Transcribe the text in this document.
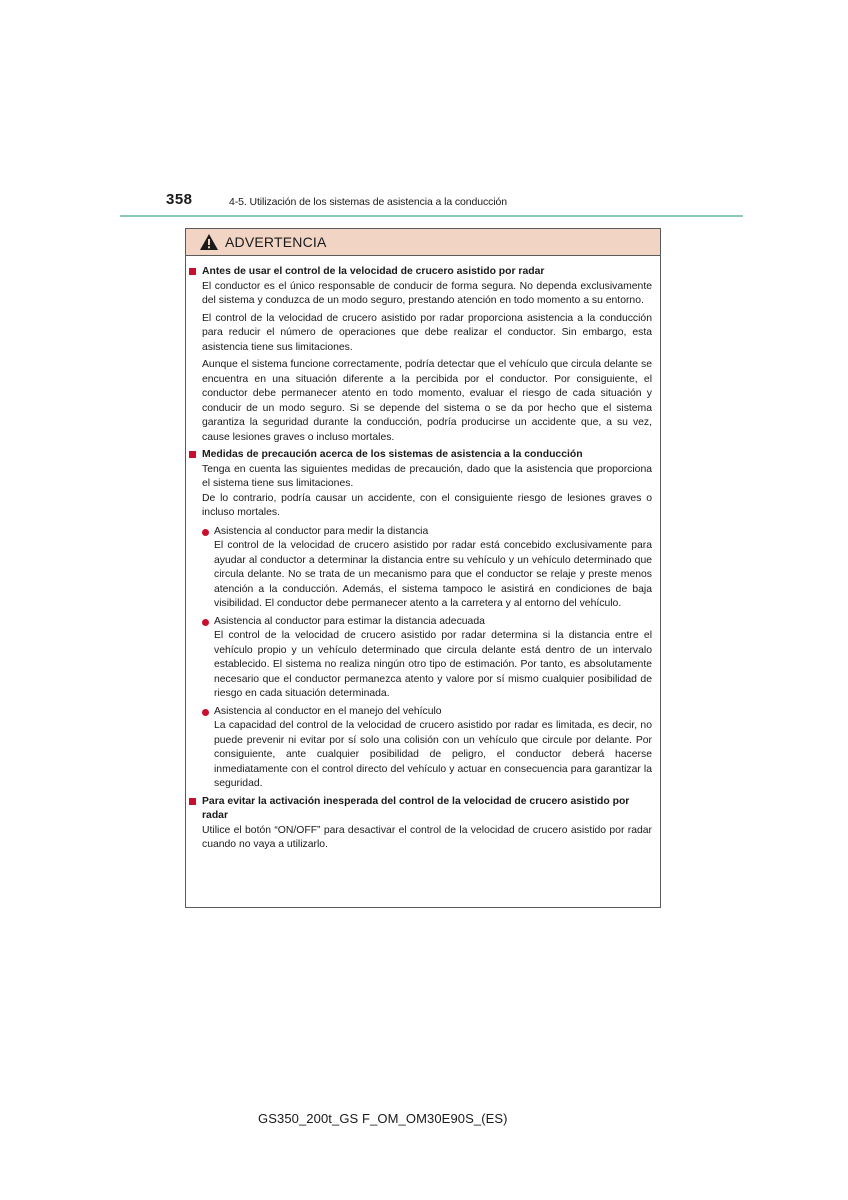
358	4-5. Utilización de los sistemas de asistencia a la conducción
ADVERTENCIA
Antes de usar el control de la velocidad de crucero asistido por radar

El conductor es el único responsable de conducir de forma segura. No dependa exclusivamente del sistema y conduzca de un modo seguro, prestando atención en todo momento a su entorno.

El control de la velocidad de crucero asistido por radar proporciona asistencia a la conducción para reducir el número de operaciones que debe realizar el conductor. Sin embargo, esta asistencia tiene sus limitaciones.

Aunque el sistema funcione correctamente, podría detectar que el vehículo que circula delante se encuentra en una situación diferente a la percibida por el conductor. Por consiguiente, el conductor debe permanecer atento en todo momento, evaluar el riesgo de cada situación y conducir de un modo seguro. Si se depende del sistema o se da por hecho que el sistema garantiza la seguridad durante la conducción, podría producirse un accidente que, a su vez, cause lesiones graves o incluso mortales.

Medidas de precaución acerca de los sistemas de asistencia a la conducción

Tenga en cuenta las siguientes medidas de precaución, dado que la asistencia que proporciona el sistema tiene sus limitaciones.

De lo contrario, podría causar un accidente, con el consiguiente riesgo de lesiones graves o incluso mortales.

Asistencia al conductor para medir la distancia
El control de la velocidad de crucero asistido por radar está concebido exclusivamente para ayudar al conductor a determinar la distancia entre su vehículo y un vehículo determinado que circula delante. No se trata de un mecanismo para que el conductor se relaje y preste menos atención a la conducción. Además, el sistema tampoco le asistirá en condiciones de baja visibilidad. El conductor debe permanecer atento a la carretera y al entorno del vehículo.
Asistencia al conductor para estimar la distancia adecuada
El control de la velocidad de crucero asistido por radar determina si la distancia entre el vehículo propio y un vehículo determinado que circula delante está dentro de un intervalo establecido. El sistema no realiza ningún otro tipo de estimación. Por tanto, es absolutamente necesario que el conductor permanezca atento y valore por sí mismo cualquier posibilidad de riesgo en cada situación determinada.
Asistencia al conductor en el manejo del vehículo
La capacidad del control de la velocidad de crucero asistido por radar es limitada, es decir, no puede prevenir ni evitar por sí solo una colisión con un vehículo que circule por delante. Por consiguiente, ante cualquier posibilidad de peligro, el conductor deberá hacerse inmediatamente con el control directo del vehículo y actuar en consecuencia para garantizar la seguridad.
Para evitar la activación inesperada del control de la velocidad de crucero asistido por radar

Utilice el botón “ON/OFF” para desactivar el control de la velocidad de crucero asistido por radar cuando no vaya a utilizarlo.

GS350_200t_GS F_OM_OM30E90S_(ES)
